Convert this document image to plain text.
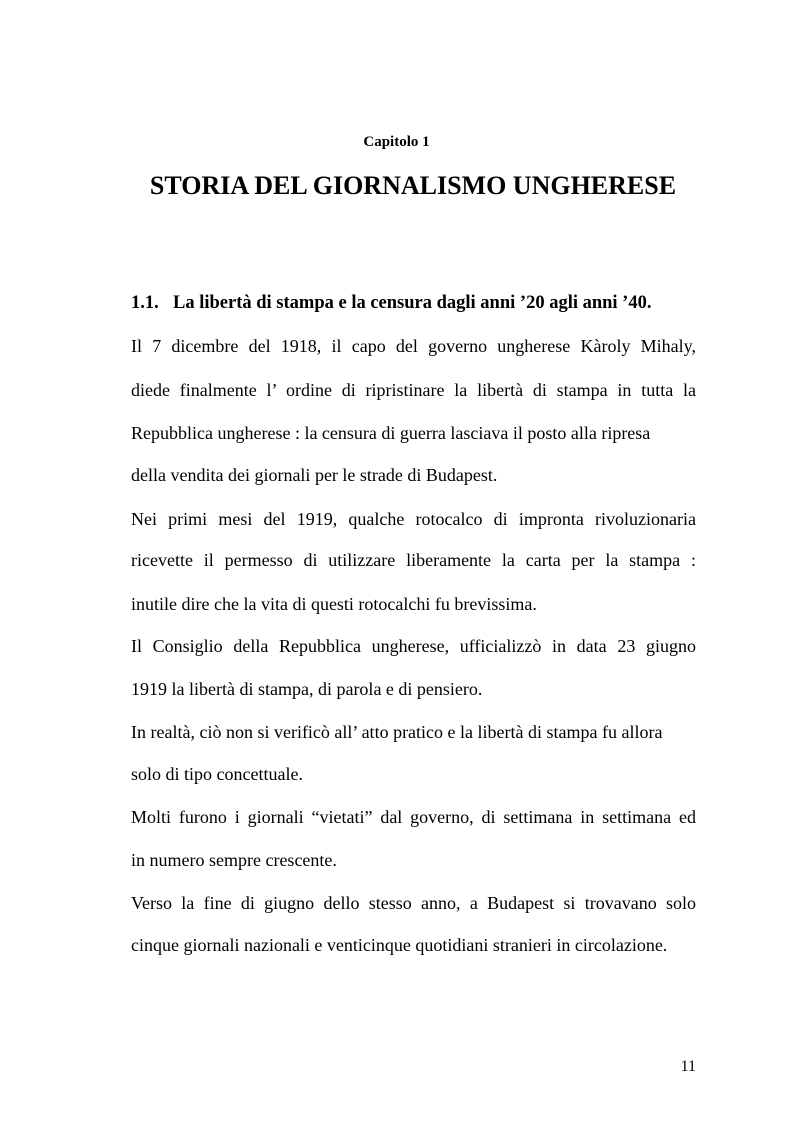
Capitolo 1
STORIA DEL GIORNALISMO UNGHERESE
1.1. La libertà di stampa e la censura dagli anni ’20 agli anni ’40.
Il 7 dicembre del 1918, il capo del governo ungherese Kàroly Mihaly,
diede finalmente l’ ordine di ripristinare la libertà di stampa in tutta la
Repubblica ungherese : la censura di guerra lasciava il posto alla ripresa
della vendita dei giornali per le strade di Budapest.
Nei primi mesi del 1919, qualche rotocalco di impronta rivoluzionaria
ricevette il permesso di utilizzare liberamente la carta per la stampa :
inutile dire che la vita di questi rotocalchi fu brevissima.
Il Consiglio della Repubblica ungherese, ufficializzò in data 23 giugno
1919 la libertà di stampa, di parola e di pensiero.
In realtà, ciò non si verificò all’ atto pratico e la libertà di stampa fu allora
solo di tipo concettuale.
Molti furono i giornali “vietati” dal governo, di settimana in settimana ed
in numero sempre crescente.
Verso la fine di giugno dello stesso anno, a Budapest si trovavano solo
cinque giornali nazionali e venticinque quotidiani stranieri in circolazione.
11
